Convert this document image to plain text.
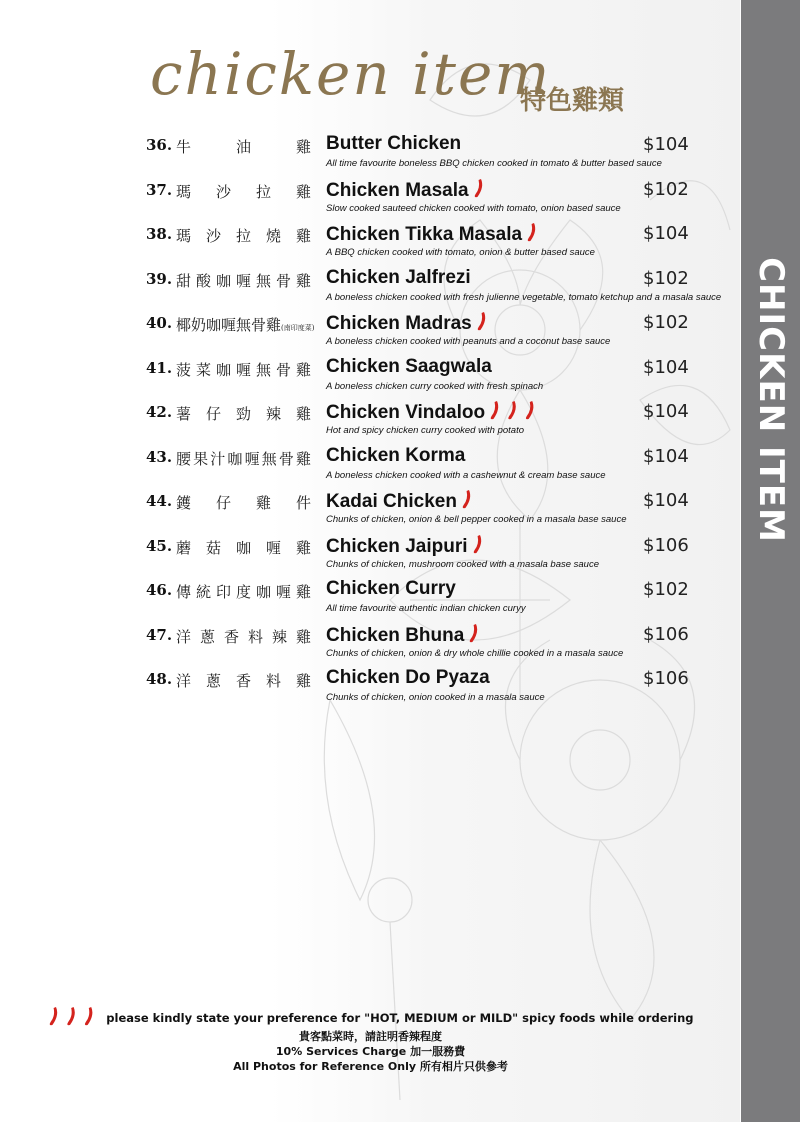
CHICKEN ITEM
chicken item
特色雞類
36. 牛 油 雞 Butter Chicken	$104
All time favourite boneless BBQ chicken cooked in tomato & butter based sauce
37. 瑪 沙 拉 雞 Chicken Masala	$102
Slow cooked sauteed chicken cooked with tomato, onion based sauce
38. 瑪 沙 拉 燒 雞 Chicken Tikka Masala	$104
A BBQ chicken cooked with tomato, onion & butter based sauce
39. 甜酸咖喱無骨雞 Chicken Jalfrezi	$102
A boneless chicken cooked with fresh julienne vegetable, tomato ketchup and a masala sauce
40. 椰奶咖喱無骨雞(南印度菜) Chicken Madras	$102
A boneless chicken cooked with peanuts and a coconut base sauce
41. 菠菜咖喱無骨雞 Chicken Saagwala	$104
A boneless chicken curry cooked with fresh spinach
42. 薯 仔 勁 辣 雞 Chicken Vindaloo	$104
Hot and spicy chicken curry cooked with potato
43. 腰果汁咖喱無骨雞 Chicken Korma	$104
A boneless chicken cooked with a cashewnut & cream base sauce
44. 鑊 仔 雞 件 Kadai Chicken	$104
Chunks of chicken, onion & bell pepper cooked in a masala base sauce
45. 蘑 菇 咖 喱 雞 Chicken Jaipuri	$106
Chunks of chicken, mushroom cooked with a masala base sauce
46. 傳統印度咖喱雞 Chicken Curry	$102
All time favourite authentic indian chicken curyy
47. 洋 蔥 香 料 辣 雞 Chicken Bhuna	$106
Chunks of chicken, onion & dry whole chillie cooked in a masala sauce
48. 洋 蔥 香 料 雞 Chicken Do Pyaza	$106
Chunks of chicken, onion cooked in a masala sauce
please kindly state your preference for "HOT, MEDIUM or MILD" spicy foods while ordering
貴客點菜時，請註明香辣程度
10% Services Charge 加一服務費
All Photos for Reference Only 所有相片只供參考
